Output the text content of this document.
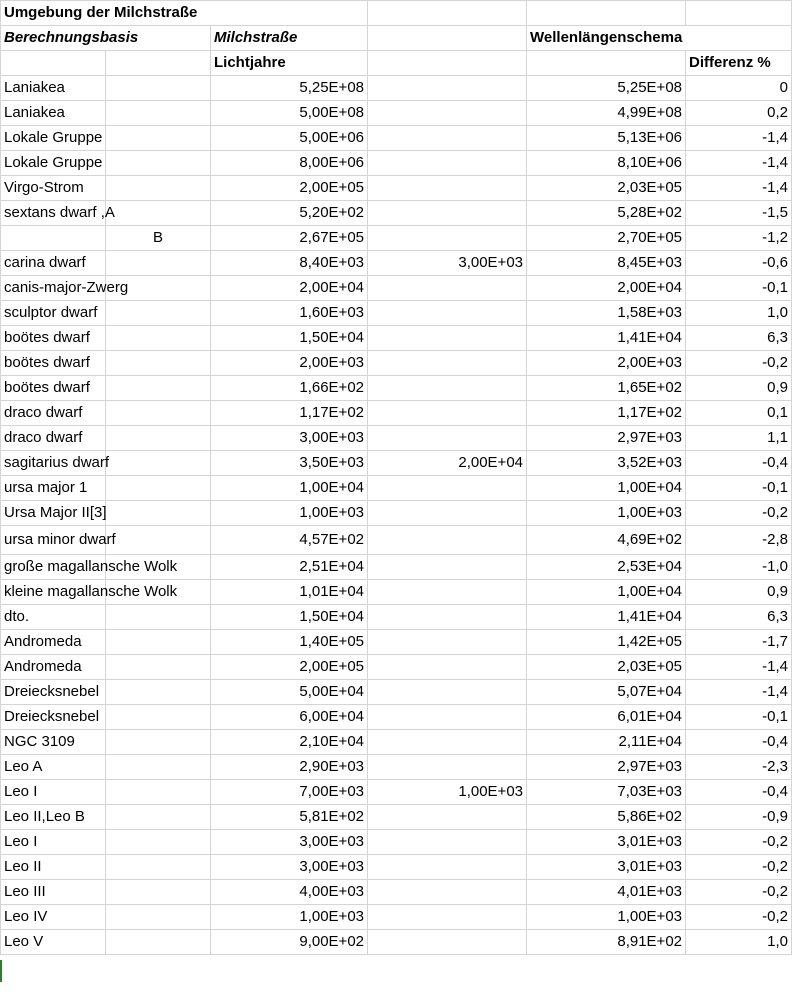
Umgebung der Milchstraße					
Berechnungsbasis		Milchstraße		Wellenlängenschema	
		Lichtjahre			Differenz %
Laniakea		5,25E+08		5,25E+08	0
Laniakea		5,00E+08		4,99E+08	0,2
Lokale Gruppe		5,00E+06		5,13E+06	-1,4
Lokale Gruppe		8,00E+06		8,10E+06	-1,4
Virgo-Strom		2,00E+05		2,03E+05	-1,4
sextans dwarf ,A		5,20E+02		5,28E+02	-1,5
	B	2,67E+05		2,70E+05	-1,2
carina dwarf		8,40E+03	3,00E+03	8,45E+03	-0,6
canis-major-Zwerg		2,00E+04		2,00E+04	-0,1
sculptor dwarf		1,60E+03		1,58E+03	1,0
boötes dwarf		1,50E+04		1,41E+04	6,3
boötes dwarf		2,00E+03		2,00E+03	-0,2
boötes dwarf		1,66E+02		1,65E+02	0,9
draco dwarf		1,17E+02		1,17E+02	0,1
draco dwarf		3,00E+03		2,97E+03	1,1
sagitarius dwarf		3,50E+03	2,00E+04	3,52E+03	-0,4
ursa major 1		1,00E+04		1,00E+04	-0,1
Ursa Major II[3]		1,00E+03		1,00E+03	-0,2
ursa minor dwarf		4,57E+02		4,69E+02	-2,8
große magallansche Wolk		2,51E+04		2,53E+04	-1,0
kleine magallansche Wolk		1,01E+04		1,00E+04	0,9
dto.		1,50E+04		1,41E+04	6,3
Andromeda		1,40E+05		1,42E+05	-1,7
Andromeda		2,00E+05		2,03E+05	-1,4
Dreiecksnebel		5,00E+04		5,07E+04	-1,4
Dreiecksnebel		6,00E+04		6,01E+04	-0,1
NGC 3109		2,10E+04		2,11E+04	-0,4
Leo A		2,90E+03		2,97E+03	-2,3
Leo I		7,00E+03	1,00E+03	7,03E+03	-0,4
Leo II,Leo B		5,81E+02		5,86E+02	-0,9
Leo I		3,00E+03		3,01E+03	-0,2
Leo II		3,00E+03		3,01E+03	-0,2
Leo III		4,00E+03		4,01E+03	-0,2
Leo IV		1,00E+03		1,00E+03	-0,2
Leo V		9,00E+02		8,91E+02	1,0
